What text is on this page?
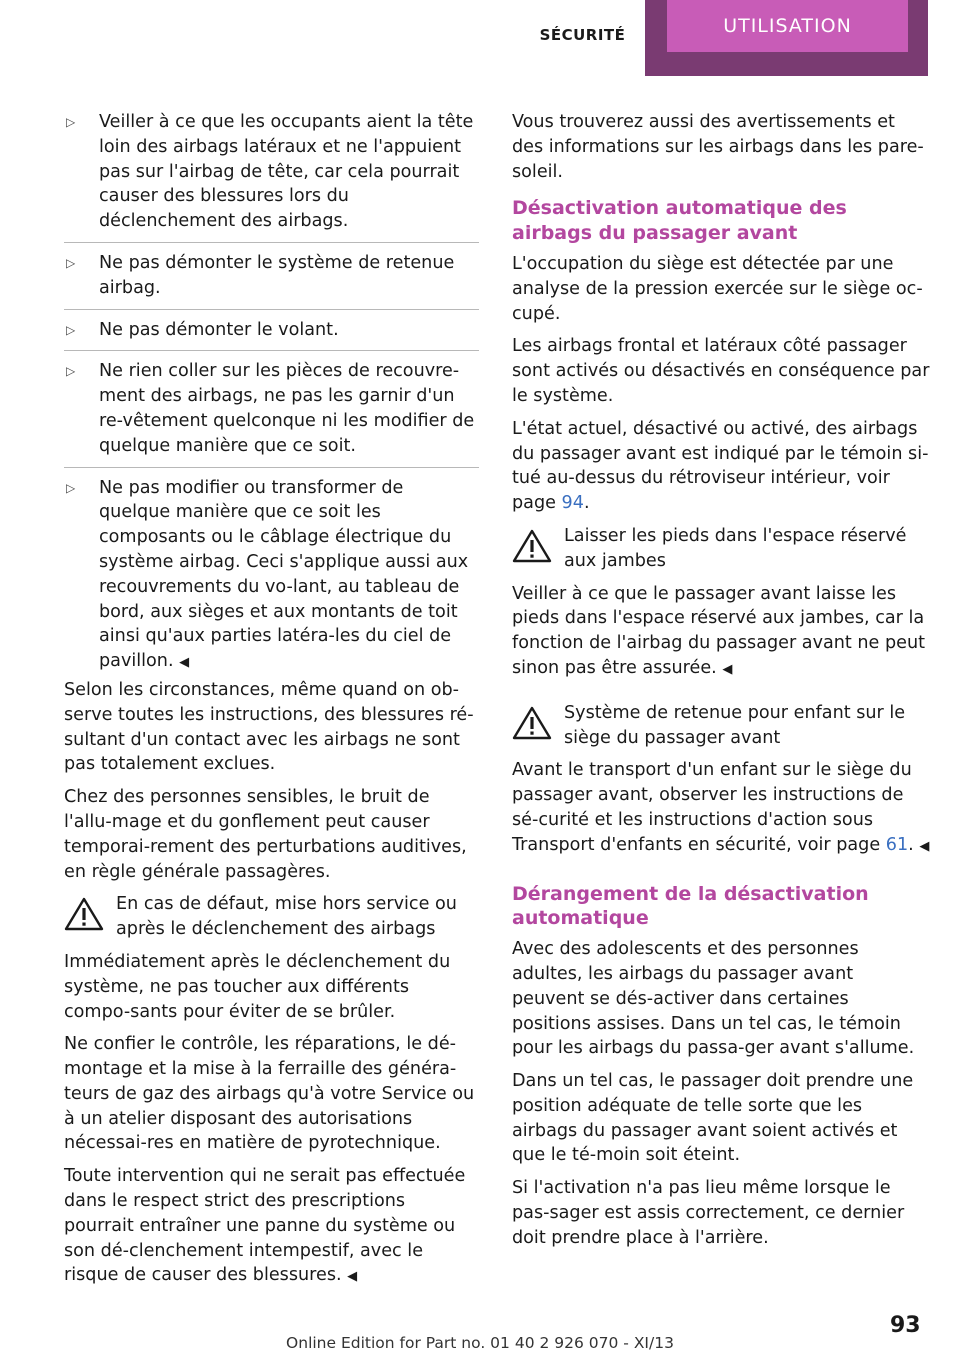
SÉCURITÉ	UTILISATION
▷ Veiller à ce que les occupants aient la tête loin des airbags latéraux et ne l'appuient pas sur l'airbag de tête, car cela pourrait causer des blessures lors du déclenchement des airbags.
▷ Ne pas démonter le système de retenue airbag.
▷ Ne pas démonter le volant.
▷ Ne rien coller sur les pièces de recouvre-ment des airbags, ne pas les garnir d'un re-vêtement quelconque ni les modifier de quelque manière que ce soit.
▷ Ne pas modifier ou transformer de quelque manière que ce soit les composants ou le câblage électrique du système airbag. Ceci s'applique aussi aux recouvrements du vo-lant, au tableau de bord, aux sièges et aux montants de toit ainsi qu'aux parties latéra-les du ciel de pavillon. ◀

Selon les circonstances, même quand on ob-serve toutes les instructions, des blessures ré-sultant d'un contact avec les airbags ne sont pas totalement exclues.

Chez des personnes sensibles, le bruit de l'allu-mage et du gonflement peut causer temporai-rement des perturbations auditives, en règle générale passagères.

En cas de défaut, mise hors service ou après le déclenchement des airbags

Immédiatement après le déclenchement du système, ne pas toucher aux différents compo-sants pour éviter de se brûler.

Ne confier le contrôle, les réparations, le dé-montage et la mise à la ferraille des généra-teurs de gaz des airbags qu'à votre Service ou à un atelier disposant des autorisations nécessai-res en matière de pyrotechnique.

Toute intervention qui ne serait pas effectuée dans le respect strict des prescriptions pourrait entraîner une panne du système ou son dé-clenchement intempestif, avec le risque de causer des blessures. ◀

Vous trouverez aussi des avertissements et des informations sur les airbags dans les pare-soleil.

Désactivation automatique des airbags du passager avant

L'occupation du siège est détectée par une analyse de la pression exercée sur le siège oc-cupé.

Les airbags frontal et latéraux côté passager sont activés ou désactivés en conséquence par le système.

L'état actuel, désactivé ou activé, des airbags du passager avant est indiqué par le témoin si-tué au-dessus du rétroviseur intérieur, voir page 94.

Laisser les pieds dans l'espace réservé aux jambes

Veiller à ce que le passager avant laisse les pieds dans l'espace réservé aux jambes, car la fonction de l'airbag du passager avant ne peut sinon pas être assurée. ◀

Système de retenue pour enfant sur le siège du passager avant

Avant le transport d'un enfant sur le siège du passager avant, observer les instructions de sé-curité et les instructions d'action sous Transport d'enfants en sécurité, voir page 61. ◀

Dérangement de la désactivation automatique

Avec des adolescents et des personnes adultes, les airbags du passager avant peuvent se dés-activer dans certaines positions assises. Dans un tel cas, le témoin pour les airbags du passa-ger avant s'allume.

Dans un tel cas, le passager doit prendre une position adéquate de telle sorte que les airbags du passager avant soient activés et que le té-moin soit éteint.

Si l'activation n'a pas lieu même lorsque le pas-sager est assis correctement, ce dernier doit prendre place à l'arrière.

93
Online Edition for Part no. 01 40 2 926 070 - XI/13
